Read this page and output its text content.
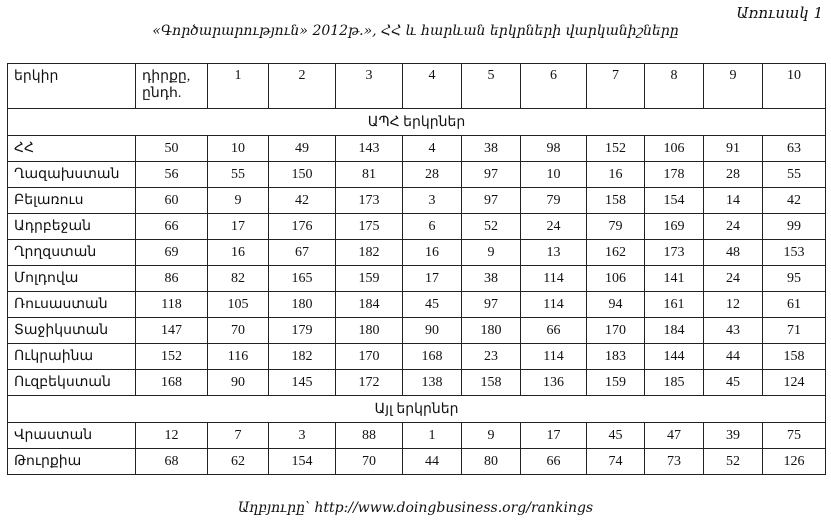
Առուսակ 1
«Գործարարություն» 2012թ.», ՀՀ և հարևան երկրների վարկանիշները
երկիր	դիրքը, ընդհ.	1	2	3	4	5	6	7	8	9	10
ԱՊՀ երկրներ											
ՀՀ	50	10	49	143	4	38	98	152	106	91	63
Ղազախստան	56	55	150	81	28	97	10	16	178	28	55
Բելառուս	60	9	42	173	3	97	79	158	154	14	42
Ադրբեջան	66	17	176	175	6	52	24	79	169	24	99
Ղրղզստան	69	16	67	182	16	9	13	162	173	48	153
Մոլդովա	86	82	165	159	17	38	114	106	141	24	95
Ռուսաստան	118	105	180	184	45	97	114	94	161	12	61
Տաջիկստան	147	70	179	180	90	180	66	170	184	43	71
Ուկրաինա	152	116	182	170	168	23	114	183	144	44	158
Ուզբեկստան	168	90	145	172	138	158	136	159	185	45	124
Այլ երկրներ											
Վրաստան	12	7	3	88	1	9	17	45	47	39	75
Թուրքիա	68	62	154	70	44	80	66	74	73	52	126
Աղբյուրը՝ http://www.doingbusiness.org/rankings
